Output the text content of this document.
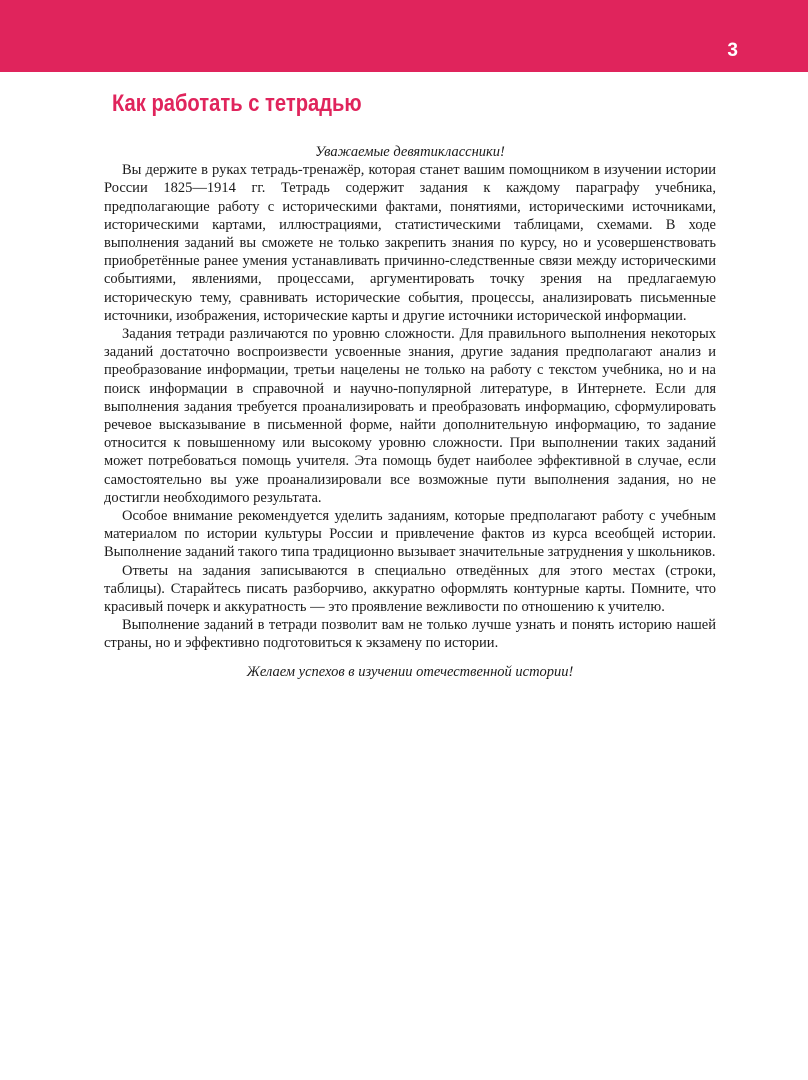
3
Как работать с тетрадью

Уважаемые девятиклассники!

Вы держите в руках тетрадь-тренажёр, которая станет вашим помощником в изучении истории России 1825—1914 гг. Тетрадь содержит задания к каждому параграфу учебника, предполагающие работу с историческими фактами, понятиями, историческими источниками, историческими картами, иллюстрациями, статистическими таблицами, схемами. В ходе выполнения заданий вы сможете не только закрепить знания по курсу, но и усовершенствовать приобретённые ранее умения устанавливать причинно-следственные связи между историческими событиями, явлениями, процессами, аргументировать точку зрения на предлагаемую историческую тему, сравнивать исторические события, процессы, анализировать письменные источники, изображения, исторические карты и другие источники исторической информации.

Задания тетради различаются по уровню сложности. Для правильного выполнения некоторых заданий достаточно воспроизвести усвоенные знания, другие задания предполагают анализ и преобразование информации, третьи нацелены не только на работу с текстом учебника, но и на поиск информации в справочной и научно-популярной литературе, в Интернете. Если для выполнения задания требуется проанализировать и преобразовать информацию, сформулировать речевое высказывание в письменной форме, найти дополнительную информацию, то задание относится к повышенному или высокому уровню сложности. При выполнении таких заданий может потребоваться помощь учителя. Эта помощь будет наиболее эффективной в случае, если самостоятельно вы уже проанализировали все возможные пути выполнения задания, но не достигли необходимого результата.

Особое внимание рекомендуется уделить заданиям, которые предполагают работу с учебным материалом по истории культуры России и привлечение фактов из курса всеобщей истории. Выполнение заданий такого типа традиционно вызывает значительные затруднения у школьников.

Ответы на задания записываются в специально отведённых для этого местах (строки, таблицы). Старайтесь писать разборчиво, аккуратно оформлять контурные карты. Помните, что красивый почерк и аккуратность — это проявление вежливости по отношению к учителю.

Выполнение заданий в тетради позволит вам не только лучше узнать и понять историю нашей страны, но и эффективно подготовиться к экзамену по истории.

Желаем успехов в изучении отечественной истории!
